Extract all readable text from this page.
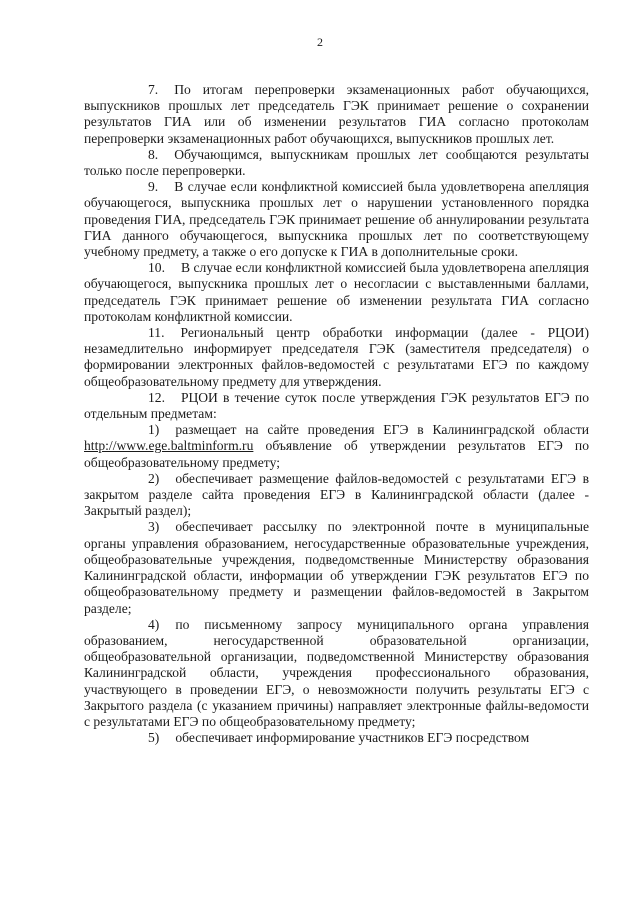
2

7. По итогам перепроверки экзаменационных работ обучающихся, выпускников прошлых лет председатель ГЭК принимает решение о сохранении результатов ГИА или об изменении результатов ГИА согласно протоколам перепроверки экзаменационных работ обучающихся, выпускников прошлых лет.

8. Обучающимся, выпускникам прошлых лет сообщаются результаты только после перепроверки.

9. В случае если конфликтной комиссией была удовлетворена апелляция обучающегося, выпускника прошлых лет о нарушении установленного порядка проведения ГИА, председатель ГЭК принимает решение об аннулировании результата ГИА данного обучающегося, выпускника прошлых лет по соответствующему учебному предмету, а также о его допуске к ГИА в дополнительные сроки.

10. В случае если конфликтной комиссией была удовлетворена апелляция обучающегося, выпускника прошлых лет о несогласии с выставленными баллами, председатель ГЭК принимает решение об изменении результата ГИА согласно протоколам конфликтной комиссии.

11. Региональный центр обработки информации (далее - РЦОИ) незамедлительно информирует председателя ГЭК (заместителя председателя) о формировании электронных файлов-ведомостей с результатами ЕГЭ по каждому общеобразовательному предмету для утверждения.

12. РЦОИ в течение суток после утверждения ГЭК результатов ЕГЭ по отдельным предметам:

1) размещает на сайте проведения ЕГЭ в Калининградской области http://www.ege.baltminform.ru объявление об утверждении результатов ЕГЭ по общеобразовательному предмету;

2) обеспечивает размещение файлов-ведомостей с результатами ЕГЭ в закрытом разделе сайта проведения ЕГЭ в Калининградской области (далее - Закрытый раздел);

3) обеспечивает рассылку по электронной почте в муниципальные органы управления образованием, негосударственные образовательные учреждения, общеобразовательные учреждения, подведомственные Министерству образования Калининградской области, информации об утверждении ГЭК результатов ЕГЭ по общеобразовательному предмету и размещении файлов-ведомостей в Закрытом разделе;

4) по письменному запросу муниципального органа управления образованием, негосударственной образовательной организации, общеобразовательной организации, подведомственной Министерству образования Калининградской области, учреждения профессионального образования, участвующего в проведении ЕГЭ, о невозможности получить результаты ЕГЭ с Закрытого раздела (с указанием причины) направляет электронные файлы-ведомости с результатами ЕГЭ по общеобразовательному предмету;

5) обеспечивает информирование участников ЕГЭ посредством
